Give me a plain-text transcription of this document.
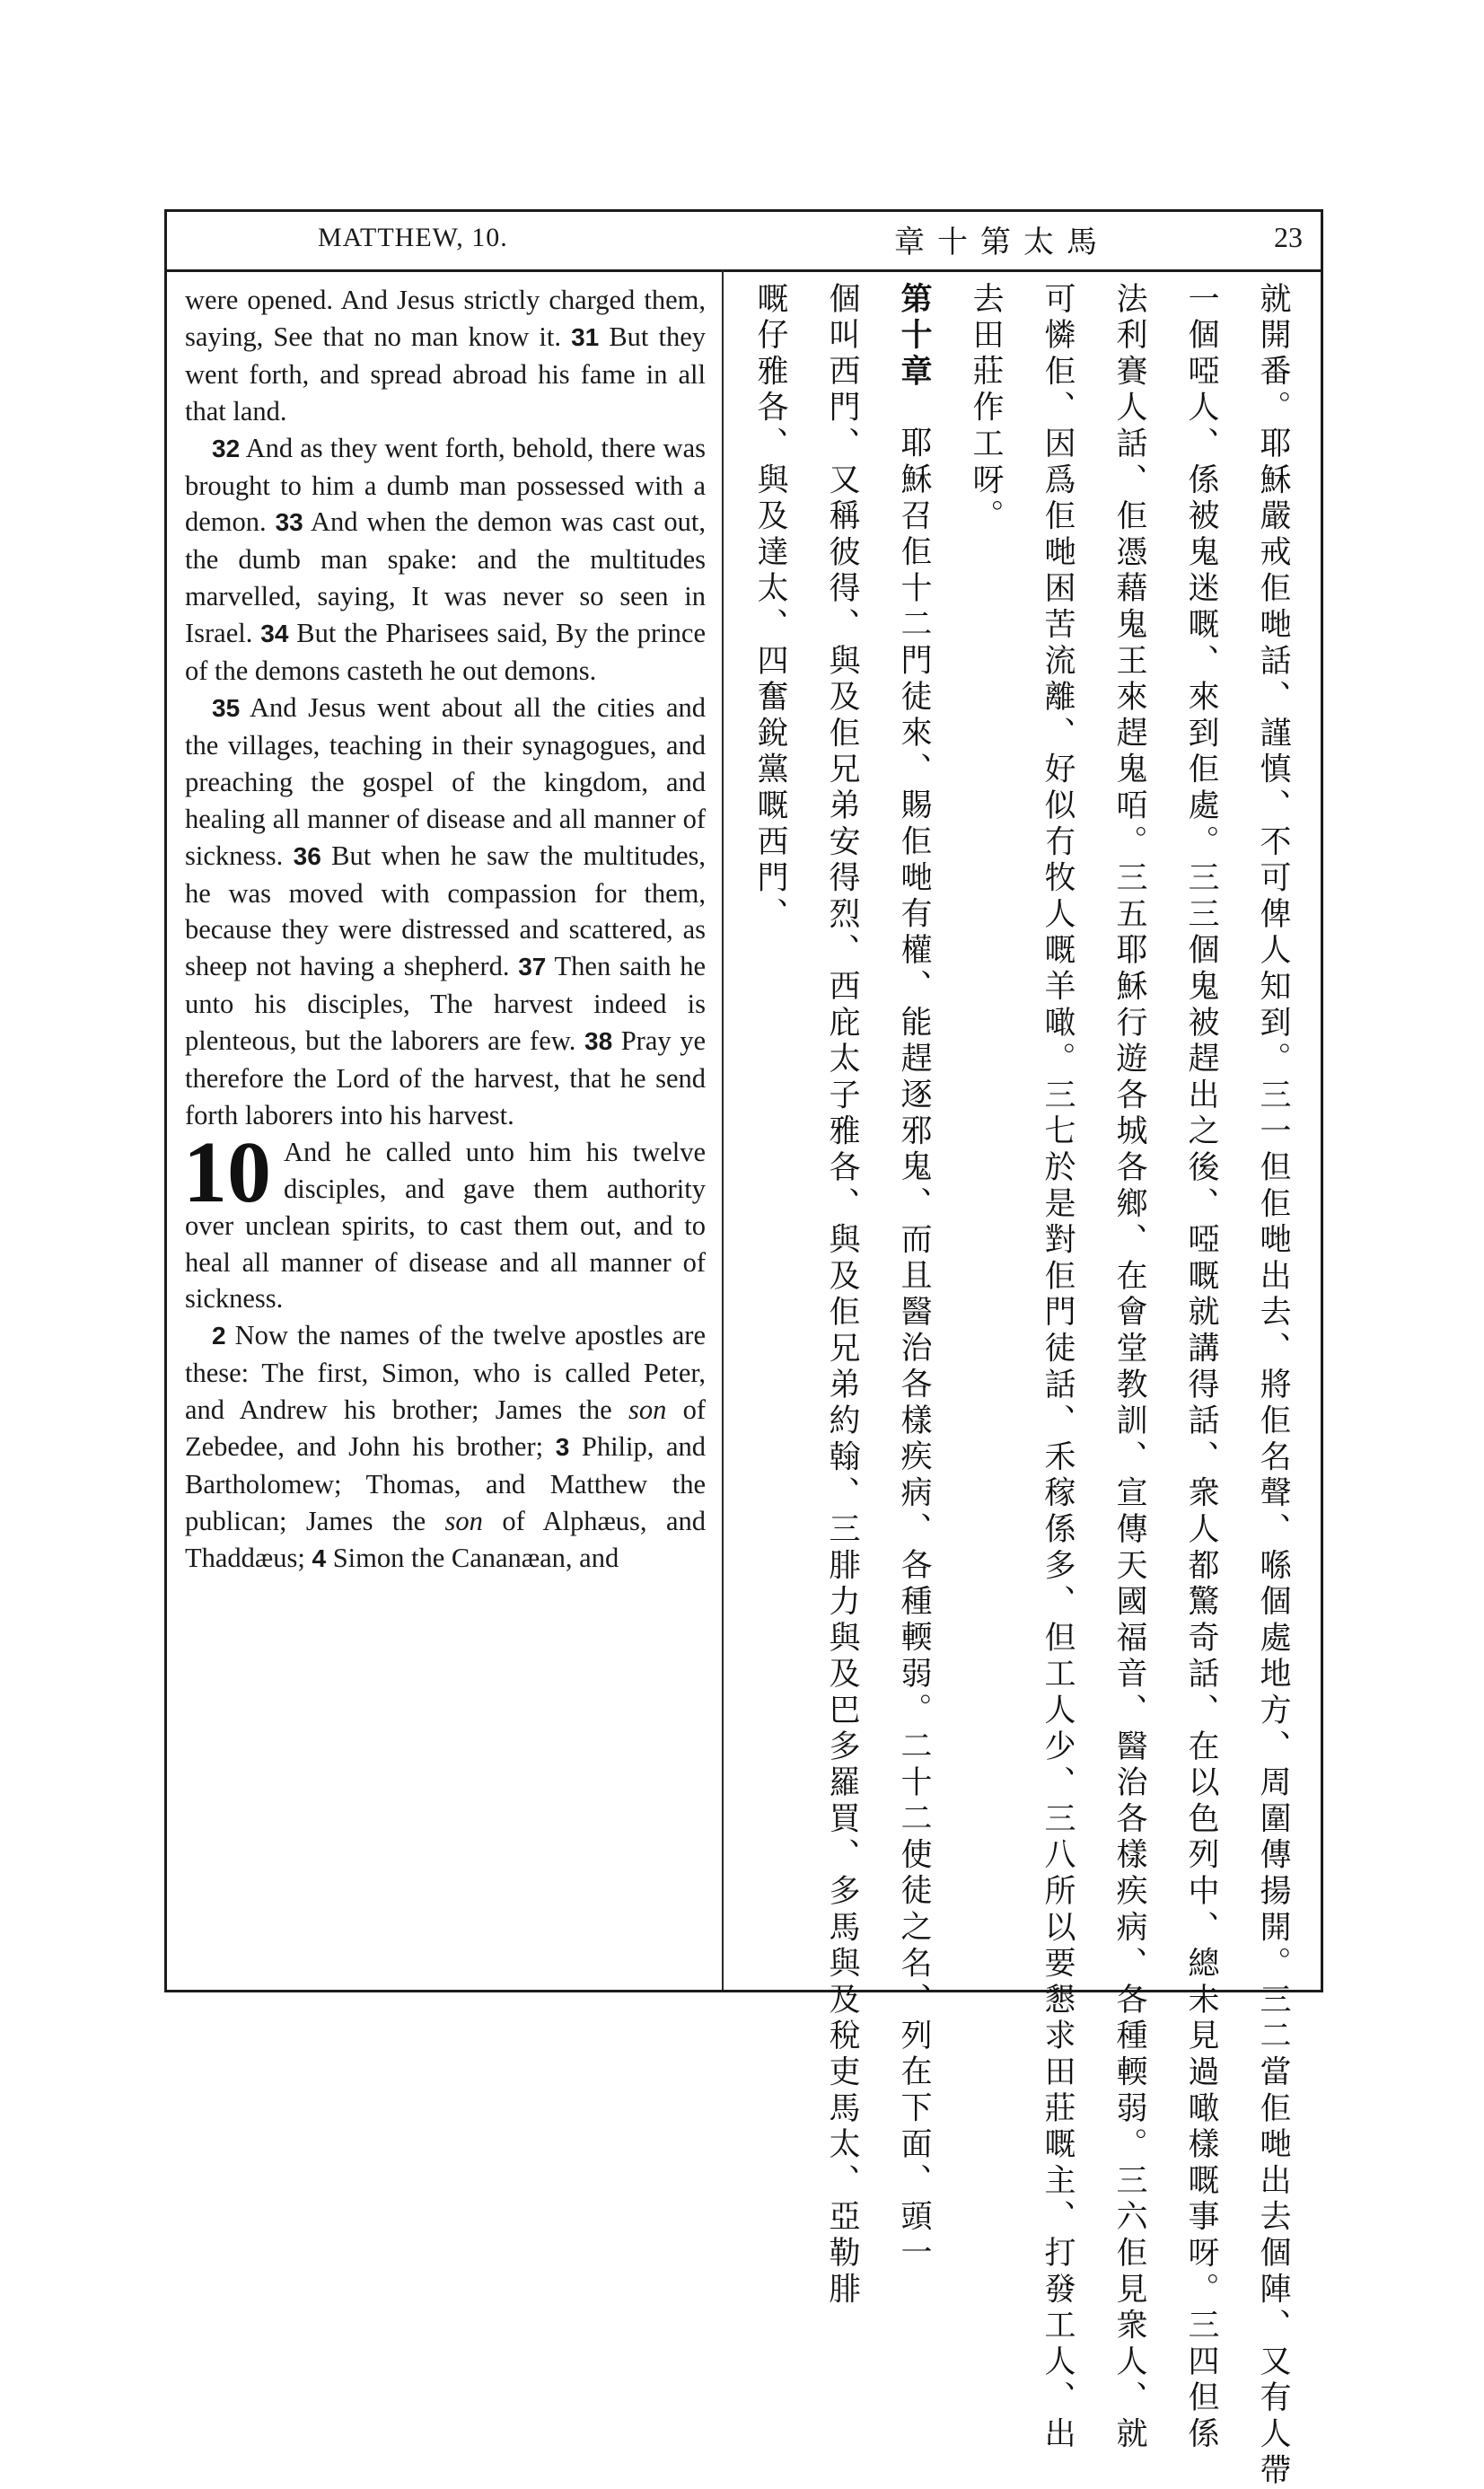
MATTHEW, 10.	章十第太馬	23

were opened. And Jesus strictly charged them, saying, See that no man know it. 31 But they went forth, and spread abroad his fame in all that land.

32 And as they went forth, behold, there was brought to him a dumb man possessed with a demon. 33 And when the demon was cast out, the dumb man spake: and the multitudes marvelled, saying, It was never so seen in Israel. 34 But the Pharisees said, By the prince of the demons casteth he out demons.

35 And Jesus went about all the cities and the villages, teaching in their synagogues, and preaching the gospel of the kingdom, and healing all manner of disease and all manner of sickness. 36 But when he saw the multitudes, he was moved with compassion for them, because they were distressed and scattered, as sheep not having a shepherd. 37 Then saith he unto his disciples, The harvest indeed is plenteous, but the laborers are few. 38 Pray ye therefore the Lord of the harvest, that he send forth laborers into his harvest.

10 And he called unto him his twelve disciples, and gave them authority over unclean spirits, to cast them out, and to heal all manner of disease and all manner of sickness.

2 Now the names of the twelve apostles are these: The first, Simon, who is called Peter, and Andrew his brother; James the son of Zebedee, and John his brother; 3 Philip, and Bartholomew; Thomas, and Matthew the publican; James the son of Alphæus, and Thaddæus; 4 Simon the Cananæan, and	就開番。耶穌嚴戒佢哋話、謹慎、不可俾人知到。三一但佢哋出去、將佢名聲、喺個處地方、周圍傳揚開。三二當佢哋出去個陣、又有人帶
一個啞人、係被鬼迷嘅、來到佢處。三三個鬼被趕出之後、啞嘅就講得話、衆人都驚奇話、在以色列中、總未見過噉樣嘅事呀。三四但係
法利賽人話、佢憑藉鬼王來趕鬼咟。三五耶穌行遊各城各鄉、在會堂教訓、宣傳天國福音、醫治各樣疾病、各種輭弱。三六佢見衆人、就
可憐佢、因爲佢哋困苦流離、好似冇牧人嘅羊噉。三七於是對佢門徒話、禾稼係多、但工人少、三八所以要懇求田莊嘅主、打發工人、出
去田莊作工呀。
第十章耶穌召佢十二門徒來、賜佢哋有權、能趕逐邪鬼、而且醫治各樣疾病、各種輭弱。二十二使徒之名、列在下面、頭一
個叫西門、又稱彼得、與及佢兄弟安得烈、西庇太子雅各、與及佢兄弟約翰、三腓力與及巴多羅買、多馬與及稅吏馬太、亞勒腓
嘅仔雅各、與及達太、四奮銳黨嘅西門、
